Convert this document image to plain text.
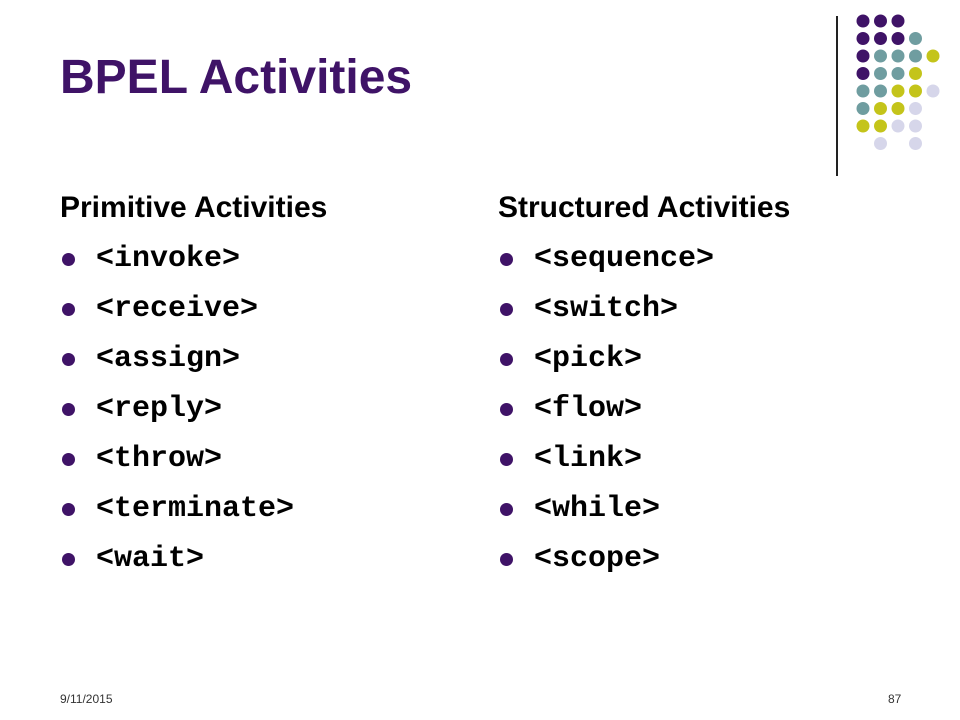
BPEL Activities
Primitive Activities
<invoke>
<receive>
<assign>
<reply>
<throw>
<terminate>
<wait>
Structured Activities
<sequence>
<switch>
<pick>
<flow>
<link>
<while>
<scope>
9/11/2015	87
